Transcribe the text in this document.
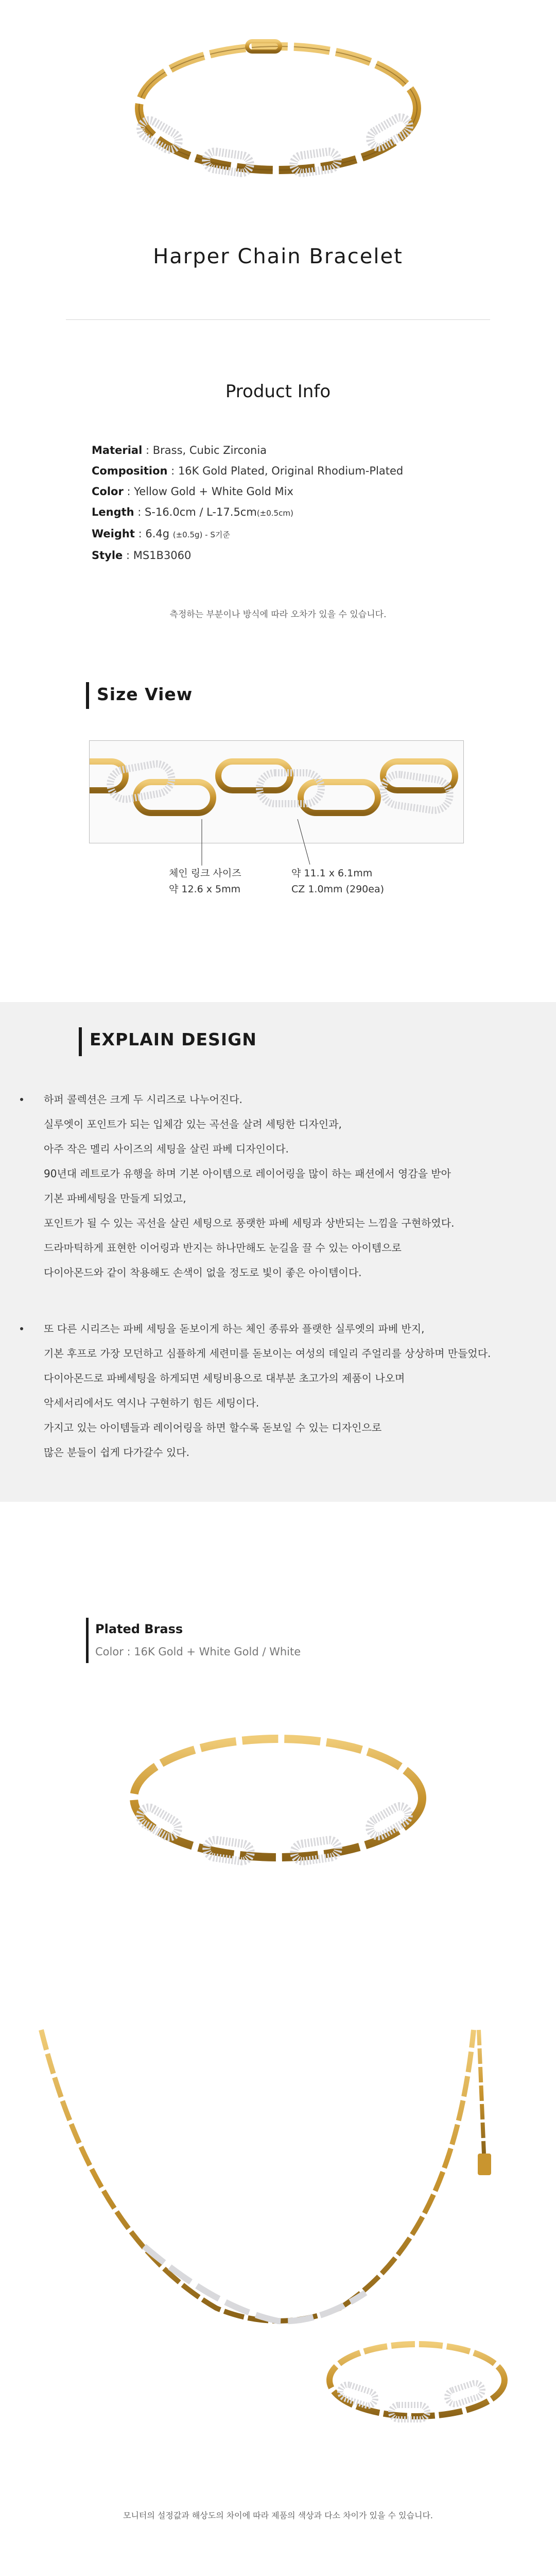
Harper Chain Bracelet
Product Info
Material : Brass, Cubic Zirconia
Composition : 16K Gold Plated, Original Rhodium-Plated
Color : Yellow Gold + White Gold Mix
Length : S-16.0cm / L-17.5cm(±0.5cm)
Weight : 6.4g (±0.5g) - S기준
Style : MS1B3060
측정하는 부분이나 방식에 따라 오차가 있을 수 있습니다.
Size View
체인 링크 사이즈
약 12.6 x 5mm
약 11.1 x 6.1mm
CZ 1.0mm (290ea)
EXPLAIN DESIGN
하퍼 콜렉션은 크게 두 시리즈로 나누어진다.
실루엣이 포인트가 되는 입체감 있는 곡선을 살려 세팅한 디자인과,
아주 작은 멜리 사이즈의 세팅을 살린 파베 디자인이다.
90년대 레트로가 유행을 하며 기본 아이템으로 레이어링을 많이 하는 패션에서 영감을 받아
기본 파베세팅을 만들게 되었고,
포인트가 될 수 있는 곡선을 살린 세팅으로 풍랫한 파베 세팅과 상반되는 느낌을 구현하였다.
드라마틱하게 표현한 이어링과 반지는 하나만해도 눈길을 끌 수 있는 아이템으로
다이아몬드와 같이 착용해도 손색이 없을 정도로 빛이 좋은 아이템이다.
또 다른 시리즈는 파베 세팅을 돋보이게 하는 체인 종류와 플랫한 실루엣의 파베 반지,
기본 후프로 가장 모던하고 심플하게 세련미를 돋보이는 여성의 데일리 주얼리를 상상하며 만들었다.
다이아몬드로 파베세팅을 하게되면 세팅비용으로 대부분 초고가의 제품이 나오며
악세서리에서도 역시나 구현하기 힘든 세팅이다.
가지고 있는 아이템들과 레이어링을 하면 할수록 돋보일 수 있는 디자인으로
많은 분들이 쉽게 다가갈수 있다.
Plated Brass
Color : 16K Gold + White Gold / White
모니터의 설정값과 해상도의 차이에 따라 제품의 색상과 다소 차이가 있을 수 있습니다.
